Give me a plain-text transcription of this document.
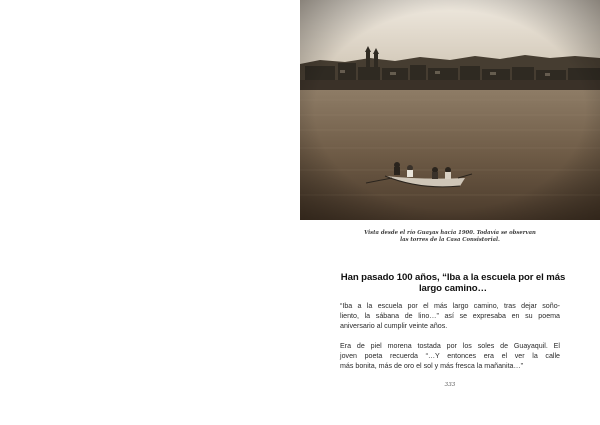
Vista desde el río Guayas hacia 1900. Todavía se observan
las torres de la Casa Consistorial.
Han pasado 100 años, “Iba a la escuela por el más
largo camino…
“Iba a la escuela por el más largo camino, tras dejar soño-
liento, la sábana de lino…” así se expresaba en su poema
aniversario al cumplir veinte años.
Era de piel morena tostada por los soles de Guayaquil. El
joven poeta recuerda “…Y entonces era el ver la calle
más bonita, más de oro el sol y más fresca la mañanita…”
333
